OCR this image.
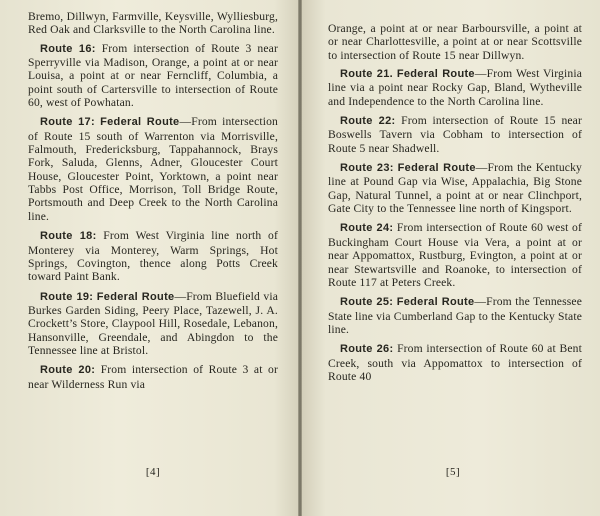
Bremo, Dillwyn, Farmville, Keysville, Wylliesburg, Red Oak and Clarksville to the North Carolina line.

Route 16: From intersection of Route 3 near Sperryville via Madison, Orange, a point at or near Louisa, a point at or near Ferncliff, Columbia, a point south of Cartersville to intersection of Route 60, west of Powhatan.

Route 17: Federal Route—From intersection of Route 15 south of Warrenton via Morrisville, Falmouth, Fredericksburg, Tappahannock, Brays Fork, Saluda, Glenns, Adner, Gloucester Court House, Gloucester Point, Yorktown, a point near Tabbs Post Office, Morrison, Toll Bridge Route, Portsmouth and Deep Creek to the North Carolina line.

Route 18: From West Virginia line north of Monterey via Monterey, Warm Springs, Hot Springs, Covington, thence along Potts Creek toward Paint Bank.

Route 19: Federal Route—From Bluefield via Burkes Garden Siding, Peery Place, Tazewell, J. A. Crockett’s Store, Claypool Hill, Rosedale, Lebanon, Hansonville, Greendale, and Abingdon to the Tennessee line at Bristol.

Route 20: From intersection of Route 3 at or near Wilderness Run via

[4]

Orange, a point at or near Barboursville, a point at or near Charlottesville, a point at or near Scottsville to intersection of Route 15 near Dillwyn.

Route 21. Federal Route—From West Virginia line via a point near Rocky Gap, Bland, Wytheville and Independence to the North Carolina line.

Route 22: From intersection of Route 15 near Boswells Tavern via Cobham to intersection of Route 5 near Shadwell.

Route 23: Federal Route—From the Kentucky line at Pound Gap via Wise, Appalachia, Big Stone Gap, Natural Tunnel, a point at or near Clinchport, Gate City to the Tennessee line north of Kingsport.

Route 24: From intersection of Route 60 west of Buckingham Court House via Vera, a point at or near Appomattox, Rustburg, Evington, a point at or near Stewartsville and Roanoke, to intersection of Route 117 at Peters Creek.

Route 25: Federal Route—From the Tennessee State line via Cumberland Gap to the Kentucky State line.

Route 26: From intersection of Route 60 at Bent Creek, south via Appomattox to intersection of Route 40

[5]
